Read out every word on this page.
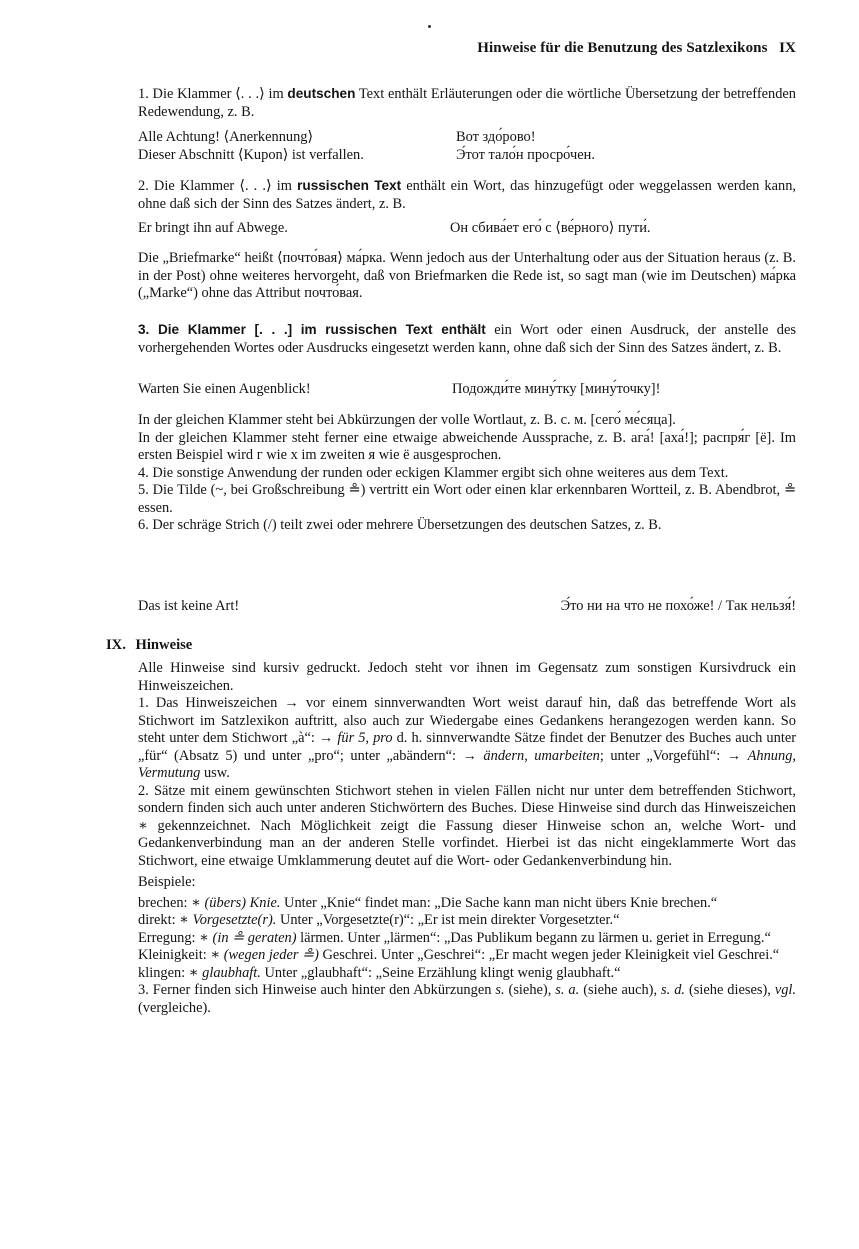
Hinweise für die Benutzung des Satzlexikons IX

1. Die Klammer ⟨. . .⟩ im deutschen Text enthält Erläuterungen oder die wörtliche Übersetzung der betreffenden Redewendung, z. B.

Alle Achtung! ⟨Anerkennung⟩	Вот здо́рово!
Dieser Abschnitt ⟨Kupon⟩ ist verfallen.	Э́тот тало́н просро́чен.

2. Die Klammer ⟨. . .⟩ im russischen Text enthält ein Wort, das hinzugefügt oder weggelassen werden kann, ohne daß sich der Sinn des Satzes ändert, z. B.

Er bringt ihn auf Abwege.	Он сбива́ет его́ с ⟨ве́рного⟩ пути́.

Die „Briefmarke“ heißt ⟨почто́вая⟩ ма́рка. Wenn jedoch aus der Unterhaltung oder aus der Situation heraus (z. B. in der Post) ohne weiteres hervorgeht, daß von Briefmarken die Rede ist, so sagt man (wie im Deutschen) ма́рка („Marke“) ohne das Attribut почто́вая.

3. Die Klammer [. . .] im russischen Text enthält ein Wort oder einen Ausdruck, der anstelle des vorhergehenden Wortes oder Ausdrucks eingesetzt werden kann, ohne daß sich der Sinn des Satzes ändert, z. B.

Warten Sie einen Augenblick!	Подожди́те мину́тку [мину́точку]!

In der gleichen Klammer steht bei Abkürzungen der volle Wortlaut, z. B. с. м. [сего́ ме́сяца].

In der gleichen Klammer steht ferner eine etwaige abweichende Aussprache, z. B. ага́! [аха́!]; распря́г [ё]. Im ersten Beispiel wird г wie х im zweiten я wie ё ausgesprochen.

4. Die sonstige Anwendung der runden oder eckigen Klammer ergibt sich ohne weiteres aus dem Text.

5. Die Tilde (~, bei Großschreibung ≗) vertritt ein Wort oder einen klar erkennbaren Wortteil, z. B. Abendbrot, ≗ essen.

6. Der schräge Strich (/) teilt zwei oder mehrere Übersetzungen des deutschen Satzes, z. B.

Das ist keine Art!	Э́то ни на что не похо́же! / Так нельзя́!
IX. Hinweise

Alle Hinweise sind kursiv gedruckt. Jedoch steht vor ihnen im Gegensatz zum sonstigen Kursivdruck ein Hinweiszeichen.

1. Das Hinweiszeichen → vor einem sinnverwandten Wort weist darauf hin, daß das betreffende Wort als Stichwort im Satzlexikon auftritt, also auch zur Wiedergabe eines Gedankens herangezogen werden kann. So steht unter dem Stichwort „à“: → für 5, pro d. h. sinnverwandte Sätze findet der Benutzer des Buches auch unter „für“ (Absatz 5) und unter „pro“; unter „abändern“: → ändern, umarbeiten; unter „Vorgefühl“: → Ahnung, Vermutung usw.

2. Sätze mit einem gewünschten Stichwort stehen in vielen Fällen nicht nur unter dem betreffenden Stichwort, sondern finden sich auch unter anderen Stichwörtern des Buches. Diese Hinweise sind durch das Hinweiszeichen ∗ gekennzeichnet. Nach Möglichkeit zeigt die Fassung dieser Hinweise schon an, welche Wort- und Gedankenverbindung man an der anderen Stelle vorfindet. Hierbei ist das nicht eingeklammerte Wort das Stichwort, eine etwaige Umklammerung deutet auf die Wort- oder Gedankenverbindung hin.

Beispiele:

brechen: ∗ (übers) Knie. Unter „Knie“ findet man: „Die Sache kann man nicht übers Knie brechen.“

direkt: ∗ Vorgesetzte(r). Unter „Vorgesetzte(r)“: „Er ist mein direkter Vorgesetzter.“

Erregung: ∗ (in ≗ geraten) lärmen. Unter „lärmen“: „Das Publikum begann zu lärmen u. geriet in Erregung.“

Kleinigkeit: ∗ (wegen jeder ≗) Geschrei. Unter „Geschrei“: „Er macht wegen jeder Kleinigkeit viel Geschrei.“

klingen: ∗ glaubhaft. Unter „glaubhaft“: „Seine Erzählung klingt wenig glaubhaft.“

3. Ferner finden sich Hinweise auch hinter den Abkürzungen s. (siehe), s. a. (siehe auch), s. d. (siehe dieses), vgl. (vergleiche).
